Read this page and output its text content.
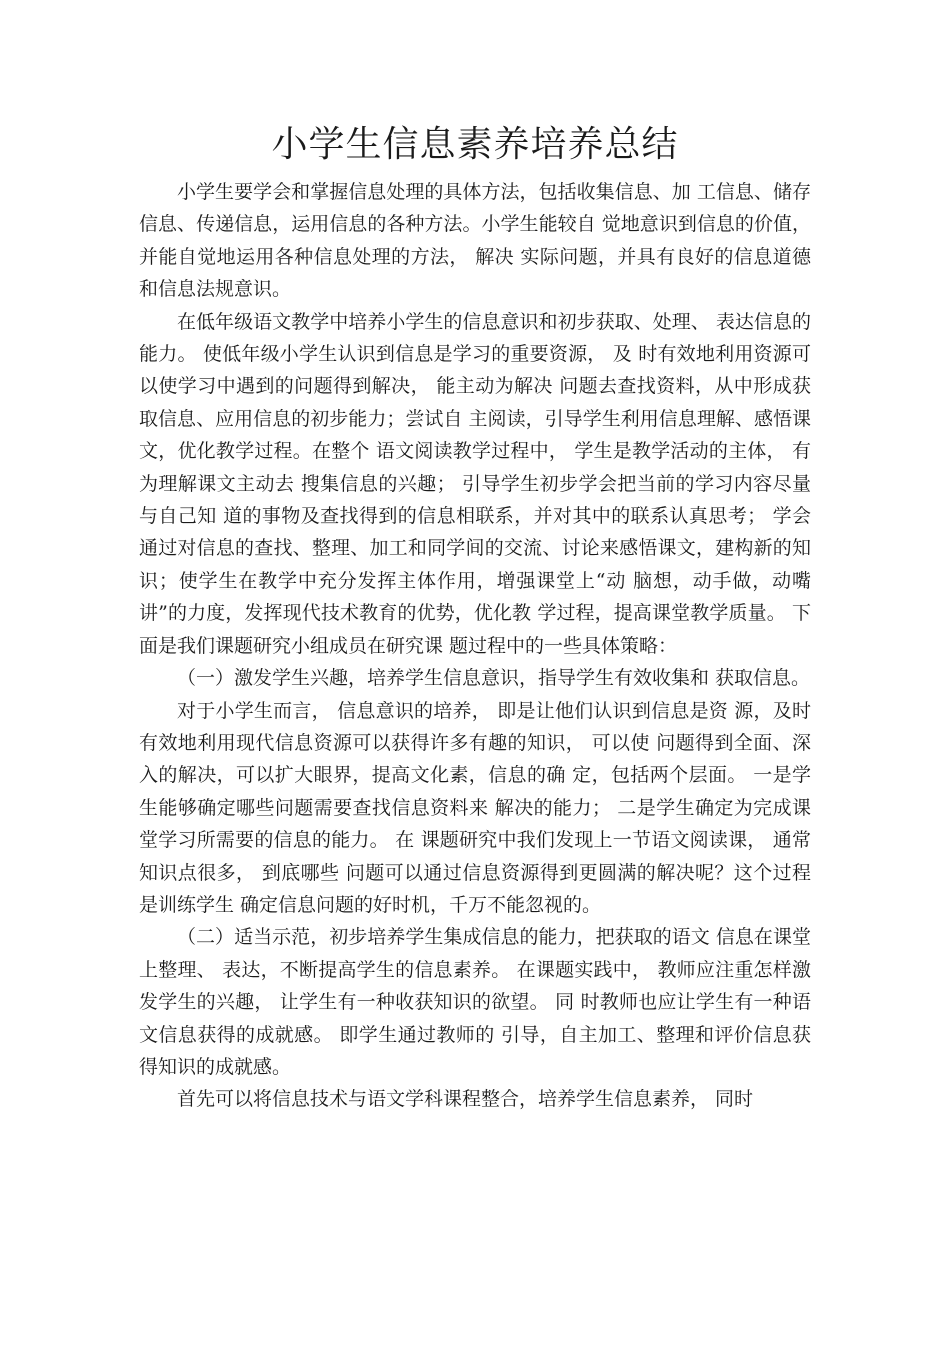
小学生信息素养培养总结

小学生要学会和掌握信息处理的具体方法，包括收集信息、加 工信息、储存信息、传递信息，运用信息的各种方法。小学生能较自 觉地意识到信息的价值， 并能自觉地运用各种信息处理的方法， 解决 实际问题，并具有良好的信息道德和信息法规意识。

在低年级语文教学中培养小学生的信息意识和初步获取、处理、 表达信息的能力。 使低年级小学生认识到信息是学习的重要资源， 及 时有效地利用资源可以使学习中遇到的问题得到解决， 能主动为解决 问题去查找资料，从中形成获取信息、应用信息的初步能力；尝试自 主阅读，引导学生利用信息理解、感悟课文，优化教学过程。在整个 语文阅读教学过程中， 学生是教学活动的主体， 有为理解课文主动去 搜集信息的兴趣； 引导学生初步学会把当前的学习内容尽量与自己知 道的事物及查找得到的信息相联系，并对其中的联系认真思考； 学会 通过对信息的查找、整理、加工和同学间的交流、讨论来感悟课文，建构新的知识；使学生在教学中充分发挥主体作用，增强课堂上“动 脑想，动手做，动嘴讲”的力度，发挥现代技术教育的优势，优化教 学过程，提高课堂教学质量。 下面是我们课题研究小组成员在研究课 题过程中的一些具体策略：

（一）激发学生兴趣，培养学生信息意识，指导学生有效收集和 获取信息。

对于小学生而言， 信息意识的培养， 即是让他们认识到信息是资 源，及时有效地利用现代信息资源可以获得许多有趣的知识， 可以使 问题得到全面、深入的解决，可以扩大眼界，提高文化素，信息的确 定，包括两个层面。 一是学生能够确定哪些问题需要查找信息资料来 解决的能力； 二是学生确定为完成课堂学习所需要的信息的能力。 在 课题研究中我们发现上一节语文阅读课， 通常知识点很多， 到底哪些 问题可以通过信息资源得到更圆满的解决呢？这个过程是训练学生 确定信息问题的好时机，千万不能忽视的。

（二）适当示范，初步培养学生集成信息的能力，把获取的语文 信息在课堂上整理、 表达，不断提高学生的信息素养。 在课题实践中， 教师应注重怎样激发学生的兴趣， 让学生有一种收获知识的欲望。 同 时教师也应让学生有一种语文信息获得的成就感。 即学生通过教师的 引导，自主加工、整理和评价信息获得知识的成就感。

首先可以将信息技术与语文学科课程整合，培养学生信息素养， 同时
